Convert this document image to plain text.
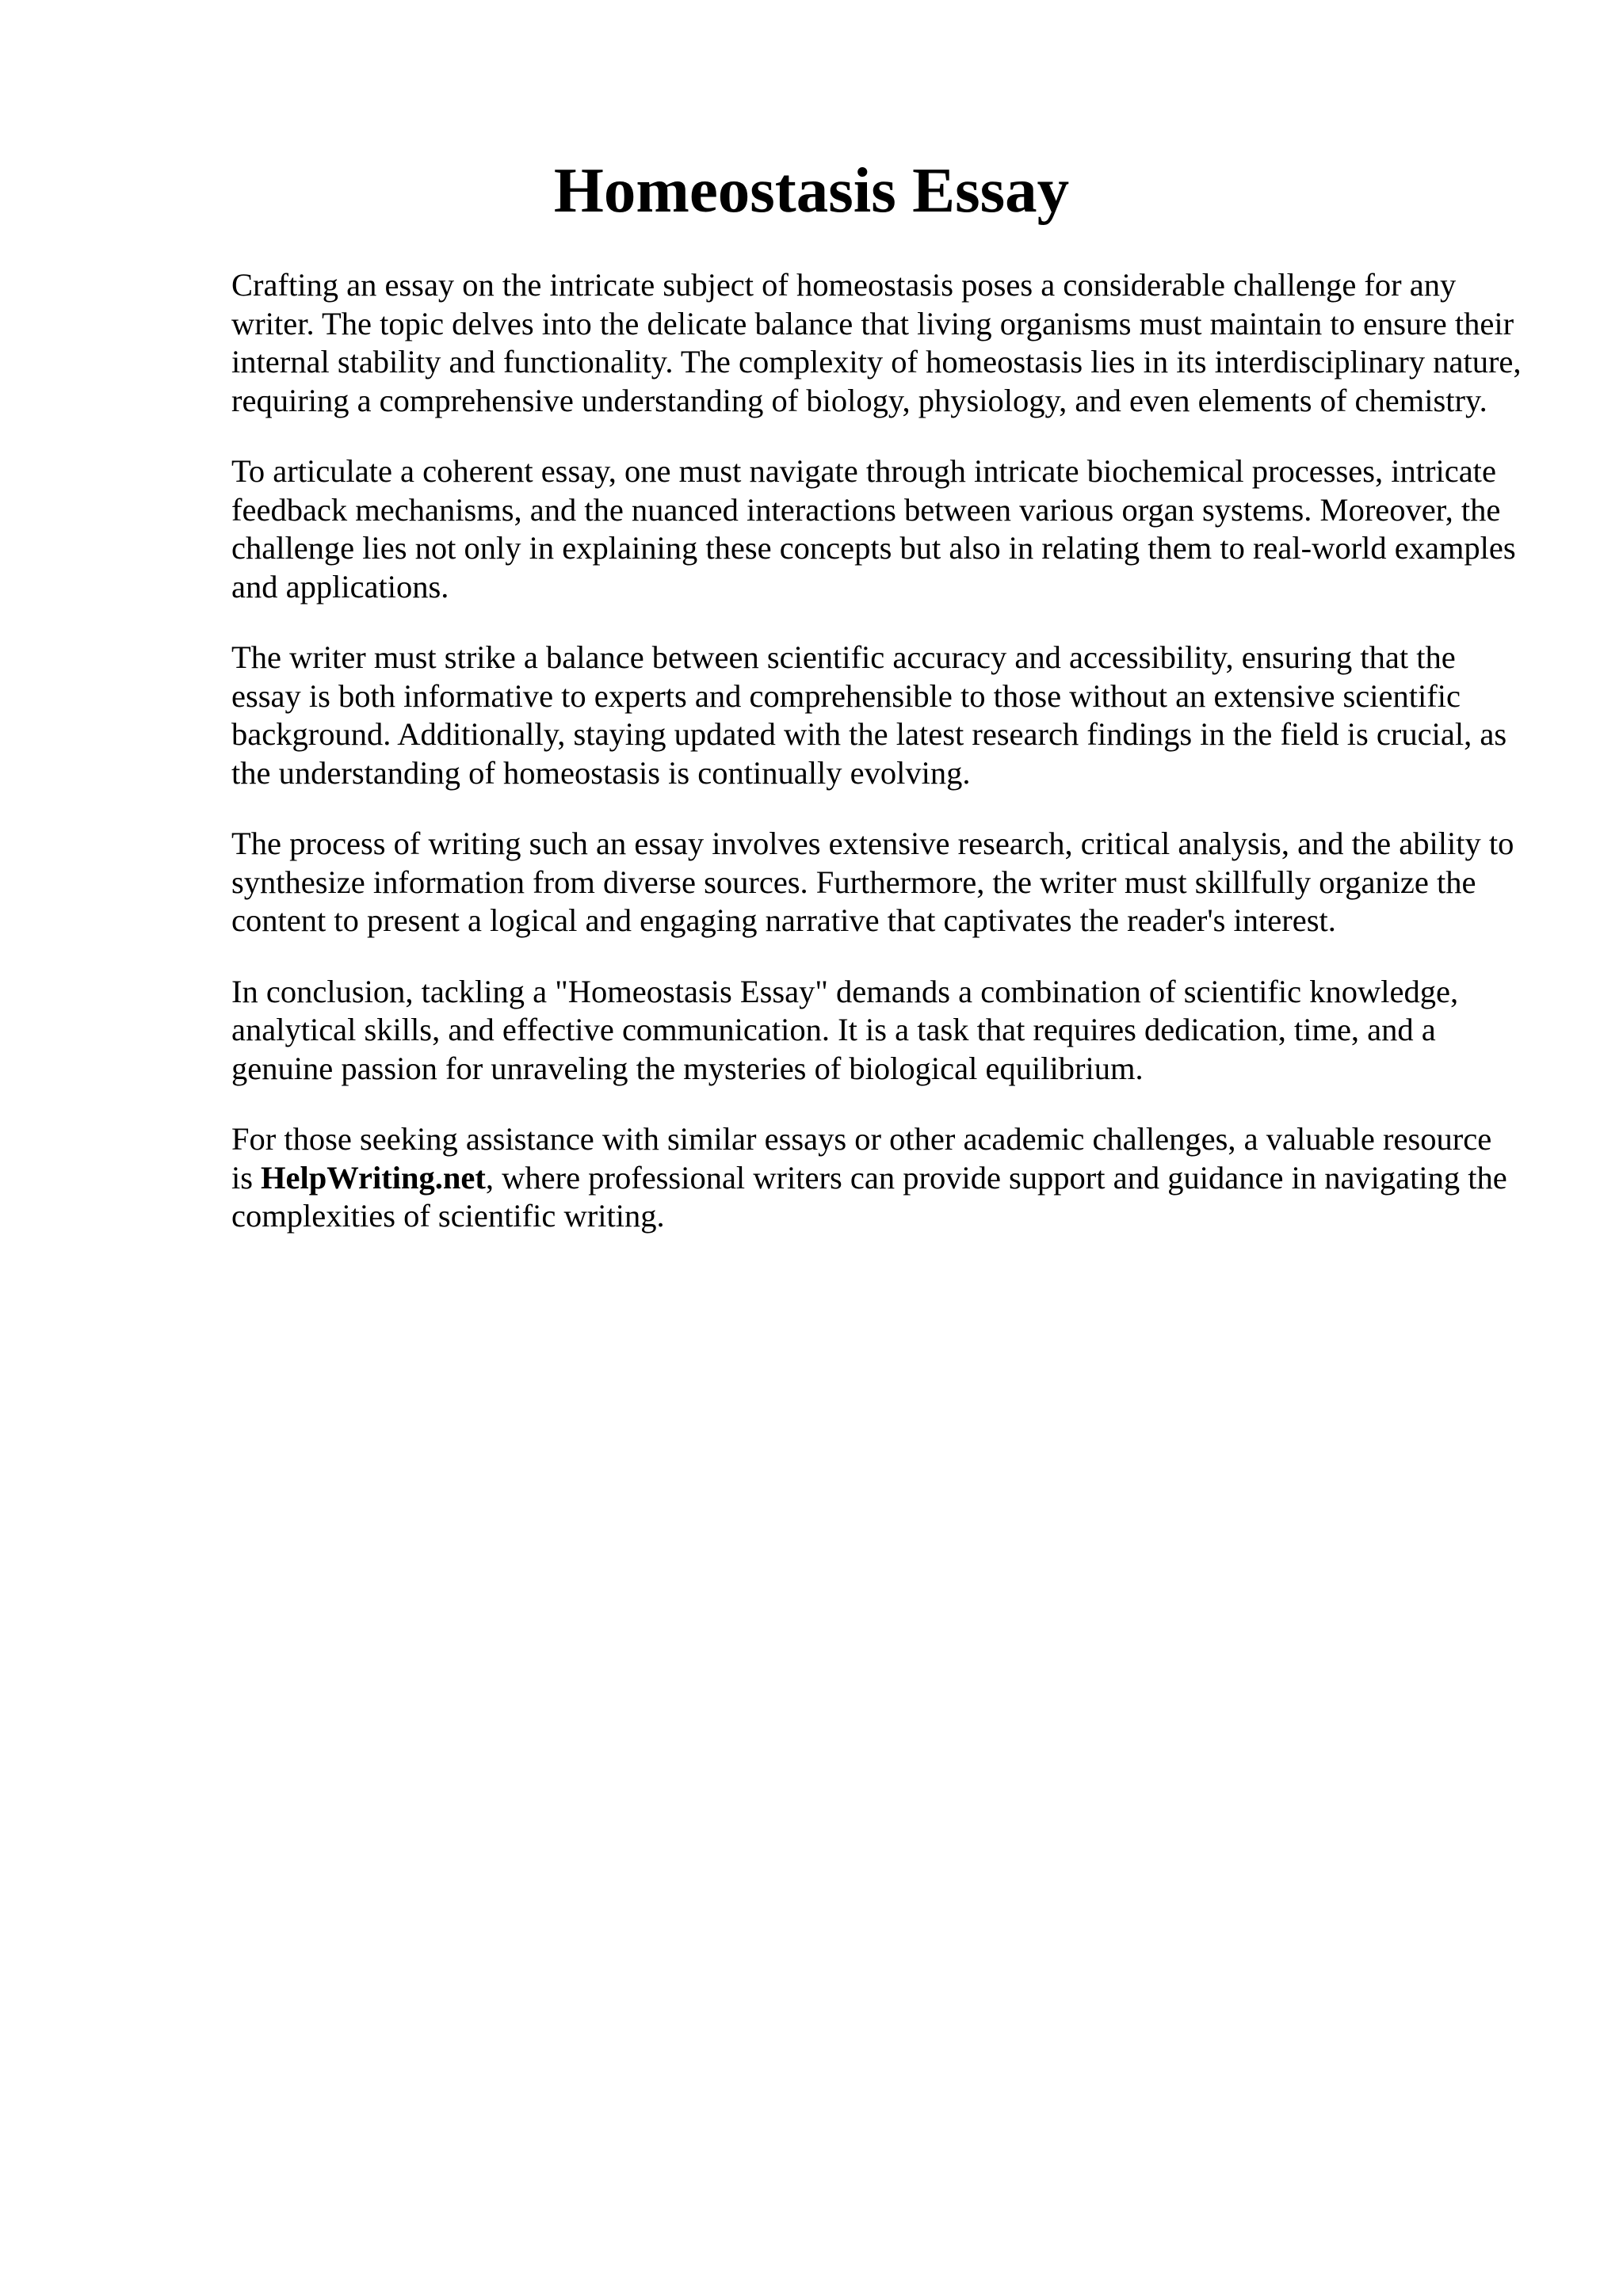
Homeostasis Essay

Crafting an essay on the intricate subject of homeostasis poses a considerable challenge for any writer. The topic delves into the delicate balance that living organisms must maintain to ensure their internal stability and functionality. The complexity of homeostasis lies in its interdisciplinary nature, requiring a comprehensive understanding of biology, physiology, and even elements of chemistry.

To articulate a coherent essay, one must navigate through intricate biochemical processes, intricate feedback mechanisms, and the nuanced interactions between various organ systems. Moreover, the challenge lies not only in explaining these concepts but also in relating them to real-world examples and applications.

The writer must strike a balance between scientific accuracy and accessibility, ensuring that the essay is both informative to experts and comprehensible to those without an extensive scientific background. Additionally, staying updated with the latest research findings in the field is crucial, as the understanding of homeostasis is continually evolving.

The process of writing such an essay involves extensive research, critical analysis, and the ability to synthesize information from diverse sources. Furthermore, the writer must skillfully organize the content to present a logical and engaging narrative that captivates the reader's interest.

In conclusion, tackling a "Homeostasis Essay" demands a combination of scientific knowledge, analytical skills, and effective communication. It is a task that requires dedication, time, and a genuine passion for unraveling the mysteries of biological equilibrium.

For those seeking assistance with similar essays or other academic challenges, a valuable resource is HelpWriting.net, where professional writers can provide support and guidance in navigating the complexities of scientific writing.
